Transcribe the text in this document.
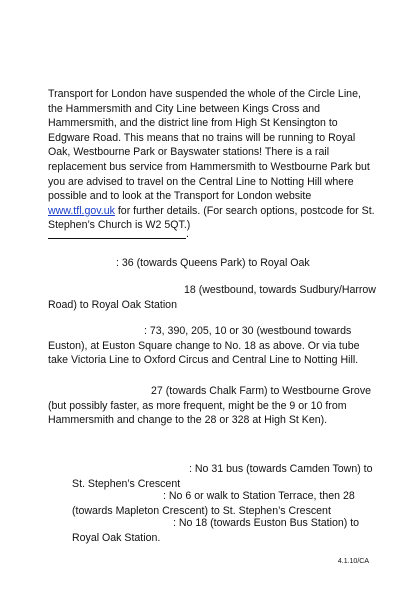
Transport for London have suspended the whole of the Circle Line, the Hammersmith and City Line between Kings Cross and Hammersmith, and the district line from High St Kensington to Edgware Road. This means that no trains will be running to Royal Oak, Westbourne Park or Bayswater stations! There is a rail replacement bus service from Hammersmith to Westbourne Park but you are advised to travel on the Central Line to Notting Hill where possible and to look at the Transport for London website www.tfl.gov.uk for further details. (For search options, postcode for St. Stephen’s Church is W2 5QT.)

.

: 36 (towards Queens Park) to Royal Oak

18 (westbound, towards Sudbury/Harrow Road) to Royal Oak Station

: 73, 390, 205, 10 or 30 (westbound towards Euston), at Euston Square change to No. 18 as above. Or via tube take Victoria Line to Oxford Circus and Central Line to Notting Hill.

27 (towards Chalk Farm) to Westbourne Grove (but possibly faster, as more frequent, might be the 9 or 10 from Hammersmith and change to the 28 or 328 at High St Ken).

: No 31 bus (towards Camden Town) to St. Stephen’s Crescent

: No 6 or walk to Station Terrace, then 28 (towards Mapleton Crescent) to St. Stephen’s Crescent

: No 18 (towards Euston Bus Station) to Royal Oak Station.

4.1.10/CA
